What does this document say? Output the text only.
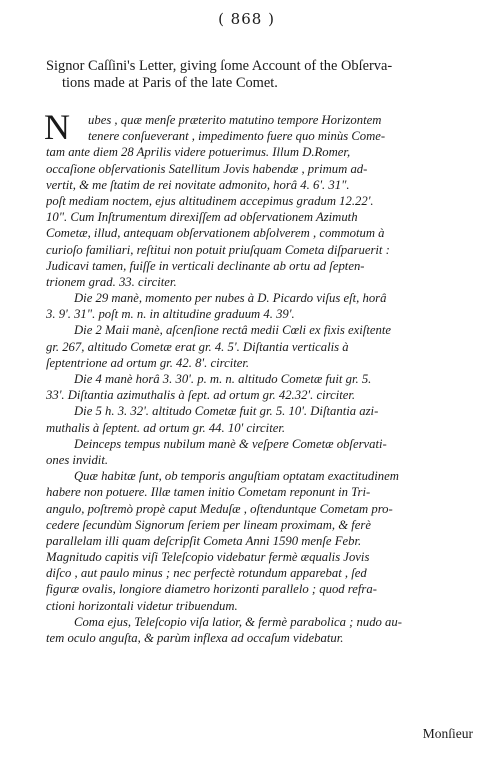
( 868 )
Signor Caſſini's Letter, giving ſome Account of the Obſerva-
tions made at Paris of the late Comet.
N	ubes , quæ menſe præterito matutino tempore Horizontem
tenere conſueverant , impedimento fuere quo minùs Come-
tam ante diem 28 Aprilis videre potuerimus. Illum D.Romer,
occaſione obſervationis Satellitum Jovis habendæ , primum ad-
vertit, & me ſtatim de rei novitate admonito, horâ 4. 6'. 31".
poſt mediam noctem, ejus altitudinem accepimus gradum 12.22'.
10". Cum Inſtrumentum direxiſſem ad obſervationem Azimuth
Cometæ, illud, antequam obſervationem abſolverem , commotum à
curioſo familiari, reſtitui non potuit priuſquam Cometa diſparuerit :
Judicavi tamen, fuiſſe in verticali declinante ab ortu ad ſepten-
trionem grad. 33. circiter.
Die 29 manè, momento per nubes à D. Picardo viſus eſt, horâ
3. 9'. 31". poſt m. n. in altitudine graduum 4. 39'.
Die 2 Maii manè, aſcenſione rectâ medii Cœli ex fixis exiſtente
gr. 267, altitudo Cometæ erat gr. 4. 5'. Diſtantia verticalis à
ſeptentrione ad ortum gr. 42. 8'. circiter.
Die 4 manè horâ 3. 30'. p. m. n. altitudo Cometæ fuit gr. 5.
33'. Diſtantia azimuthalis à ſept. ad ortum gr. 42.32'. circiter.
Die 5 h. 3. 32'. altitudo Cometæ fuit gr. 5. 10'. Diſtantia azi-
muthalis à ſeptent. ad ortum gr. 44. 10' circiter.
Deinceps tempus nubilum manè & veſpere Cometæ obſervati-
ones invidit.
Quæ habitæ ſunt, ob temporis anguſtiam optatam exactitudinem
habere non potuere. Illæ tamen initio Cometam reponunt in Tri-
angulo, poſtremò propè caput Meduſæ , oſtenduntque Cometam pro-
cedere ſecundùm Signorum ſeriem per lineam proximam, & ferè
parallelam illi quam deſcripſit Cometa Anni 1590 menſe Febr.
Magnitudo capitis viſi Teleſcopio videbatur fermè æqualis Jovis
diſco , aut paulo minus ; nec perfectè rotundum apparebat , ſed
figuræ ovalis, longiore diametro horizonti parallelo ; quod refra-
ctioni horizontali videtur tribuendum.
Coma ejus, Teleſcopio viſa latior, & fermè parabolica ; nudo au-
tem oculo anguſta, & parùm inflexa ad occaſum videbatur.
Monſieur
